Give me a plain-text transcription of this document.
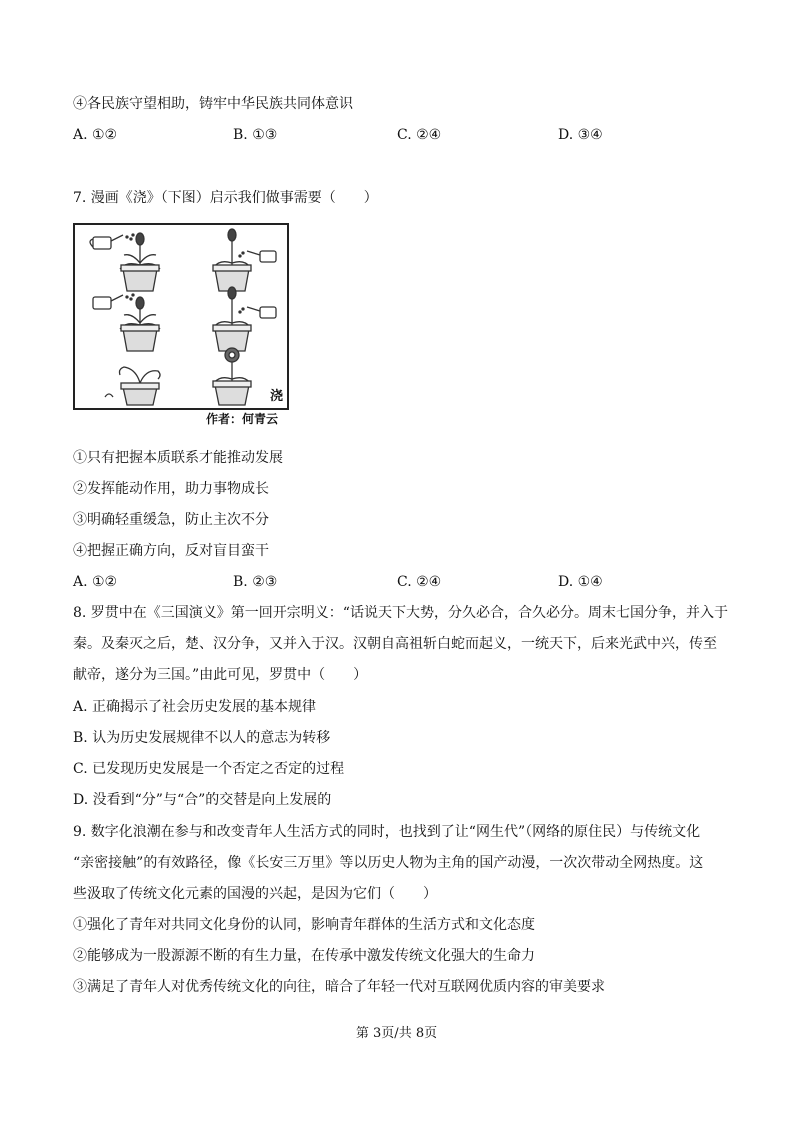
④各民族守望相助，铸牢中华民族共同体意识
A. ①②	B. ①③	C. ②④	D. ③④
7. 漫画《浇》（下图）启示我们做事需要（　　）
浇
作者：何青云
①只有把握本质联系才能推动发展
②发挥能动作用，助力事物成长
③明确轻重缓急，防止主次不分
④把握正确方向，反对盲目蛮干
A. ①②	B. ②③	C. ②④	D. ①④
8. 罗贯中在《三国演义》第一回开宗明义：“话说天下大势，分久必合，合久必分。周末七国分争，并入于
秦。及秦灭之后，楚、汉分争，又并入于汉。汉朝自高祖斩白蛇而起义，一统天下，后来光武中兴，传至
献帝，遂分为三国。”由此可见，罗贯中（　　）
A. 正确揭示了社会历史发展的基本规律
B. 认为历史发展规律不以人的意志为转移
C. 已发现历史发展是一个否定之否定的过程
D. 没看到“分”与“合”的交替是向上发展的
9. 数字化浪潮在参与和改变青年人生活方式的同时，也找到了让“网生代”（网络的原住民）与传统文化
“亲密接触”的有效路径，像《长安三万里》等以历史人物为主角的国产动漫，一次次带动全网热度。这
些汲取了传统文化元素的国漫的兴起，是因为它们（　　）
①强化了青年对共同文化身份的认同，影响青年群体的生活方式和文化态度
②能够成为一股源源不断的有生力量，在传承中激发传统文化强大的生命力
③满足了青年人对优秀传统文化的向往，暗合了年轻一代对互联网优质内容的审美要求
第 3页/共 8页
